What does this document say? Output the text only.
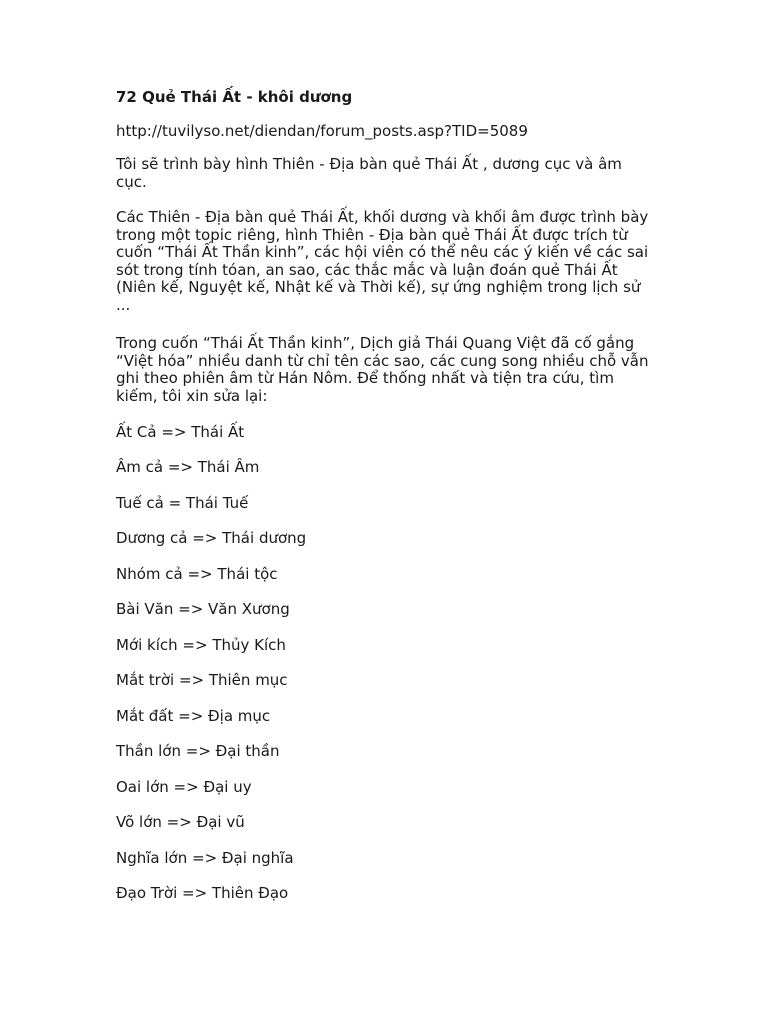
72 Quẻ Thái Ất - khôi dương
http://tuvilyso.net/diendan/forum_posts.asp?TID=5089

Tôi sẽ trình bày hình Thiên - Địa bàn quẻ Thái Ất , dương cục và âm cục.

Các Thiên - Địa bàn quẻ Thái Ất, khối dương và khối âm được trình bày trong một topic riêng, hình Thiên - Địa bàn quẻ Thái Ất được trích từ cuốn “Thái Ất Thần kinh”, các hội viên có thể nêu các ý kiến về các sai sót trong tính tóan, an sao, các thắc mắc và luận đoán quẻ Thái Ất (Niên kế, Nguyệt kế, Nhật kế và Thời kế), sự ứng nghiệm trong lịch sử ...

Trong cuốn “Thái Ất Thần kinh”, Dịch giả Thái Quang Việt đã cố gắng “Việt hóa” nhiều danh từ chỉ tên các sao, các cung song nhiều chỗ vẫn ghi theo phiên âm từ Hán Nôm. Để thống nhất và tiện tra cứu, tìm kiếm, tôi xin sửa lại:

Ất Cả => Thái Ất
Âm cả => Thái Âm
Tuế cả = Thái Tuế
Dương cả => Thái dương
Nhóm cả => Thái tộc
Bài Văn => Văn Xương
Mới kích => Thủy Kích
Mắt trời => Thiên mục
Mắt đất => Địa mục
Thần lớn => Đại thần
Oai lớn => Đại uy
Võ lớn => Đại vũ
Nghĩa lớn => Đại nghĩa
Đạo Trời => Thiên Đạo
